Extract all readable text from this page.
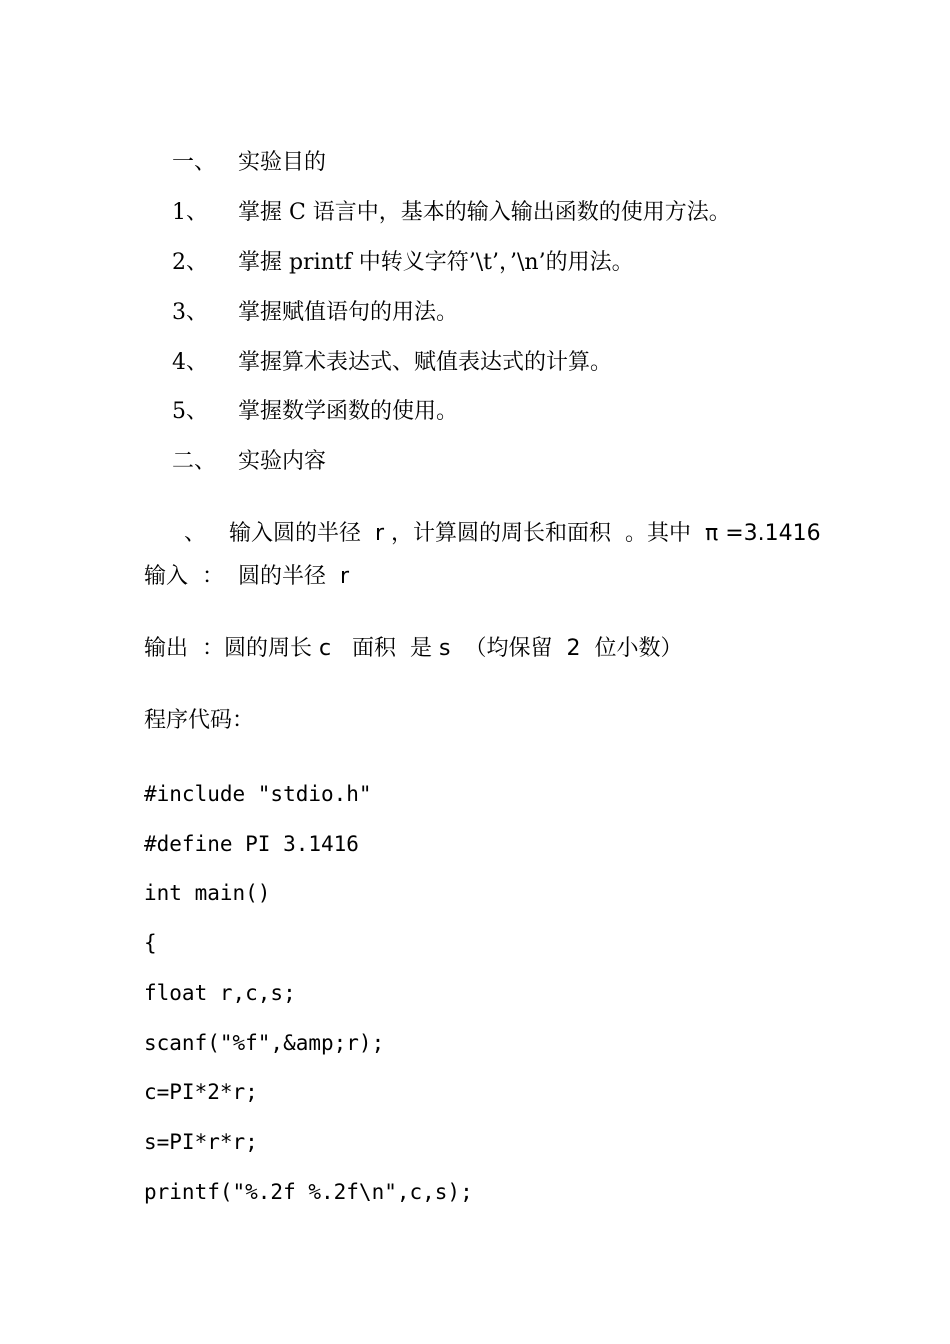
一、 实验目的

1、 掌握 C 语言中，基本的输入输出函数的使用方法。

2、 掌握 printf 中转义字符’\t’，’\n’的用法。

3、 掌握赋值语句的用法。

4、 掌握算术表达式、赋值表达式的计算。

5、 掌握数学函数的使用。

二、 实验内容

、 输入圆的半径  r ，计算圆的周长和面积  。其中  π =3.1416

输入  ：  圆的半径  r
输出  ：圆的周长 c   面积  是 s  （均保留  2  位小数）
程序代码：
#include "stdio.h"
#define PI 3.1416
int main()
{
float r,c,s;
scanf("%f",&amp;r);
c=PI*2*r;
s=PI*r*r;
printf("%.2f %.2f\n",c,s);
